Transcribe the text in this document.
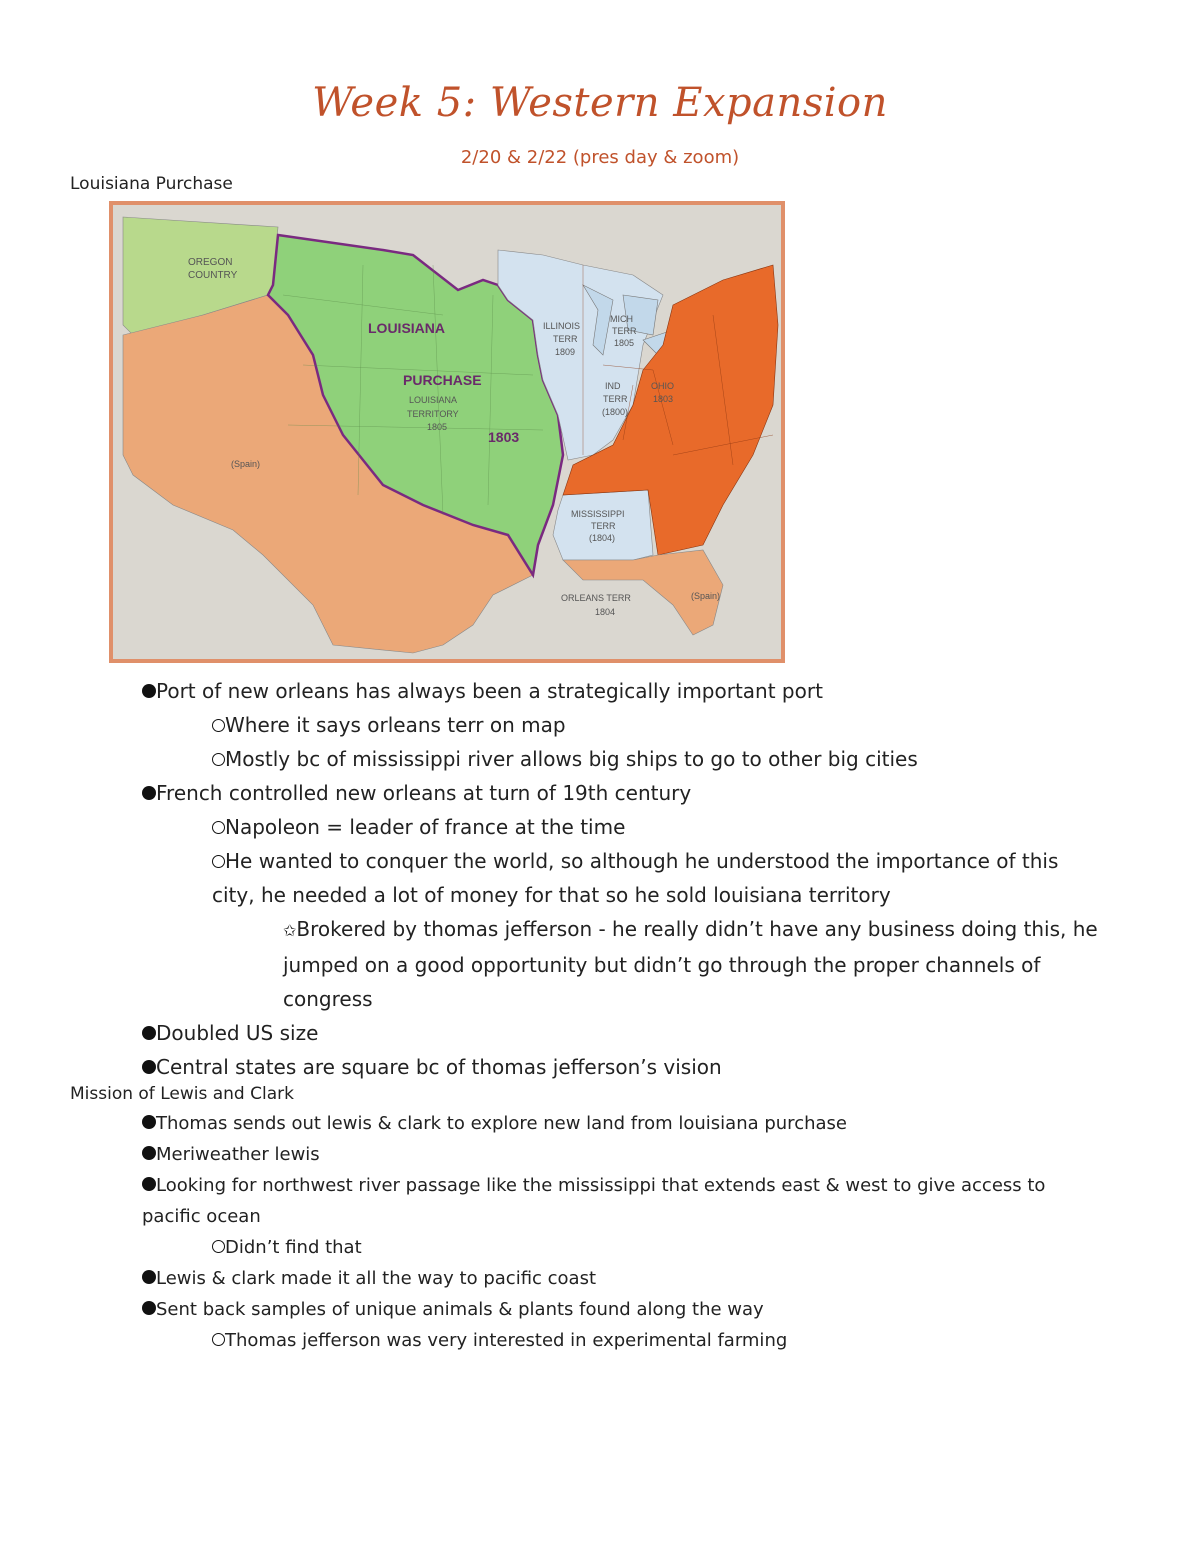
Week 5: Western Expansion
2/20 & 2/22 (pres day & zoom)
Louisiana Purchase
OREGON
COUNTRY
LOUISIANA
PURCHASE
LOUISIANA
TERRITORY
1805
1803
(Spain)
ILLINOIS
TERR
1809
MICH
TERR
1805
IND
TERR
(1800)
OHIO
1803
MISSISSIPPI
TERR
(1804)
ORLEANS TERR
1804
(Spain)
Port of new orleans has always been a strategically important port
Where it says orleans terr on map
Mostly bc of mississippi river allows big ships to go to other big cities
French controlled new orleans at turn of 19th century
Napoleon = leader of france at the time
He wanted to conquer the world, so although he understood the importance of this
city, he needed a lot of money for that so he sold louisiana territory
✩Brokered by thomas jefferson - he really didn’t have any business doing this, he
jumped on a good opportunity but didn’t go through the proper channels of
congress
Doubled US size
Central states are square bc of thomas jefferson’s vision
Mission of Lewis and Clark
Thomas sends out lewis & clark to explore new land from louisiana purchase
Meriweather lewis
Looking for northwest river passage like the mississippi that extends east & west to give access to
pacific ocean
Didn’t find that
Lewis & clark made it all the way to pacific coast
Sent back samples of unique animals & plants found along the way
Thomas jefferson was very interested in experimental farming
